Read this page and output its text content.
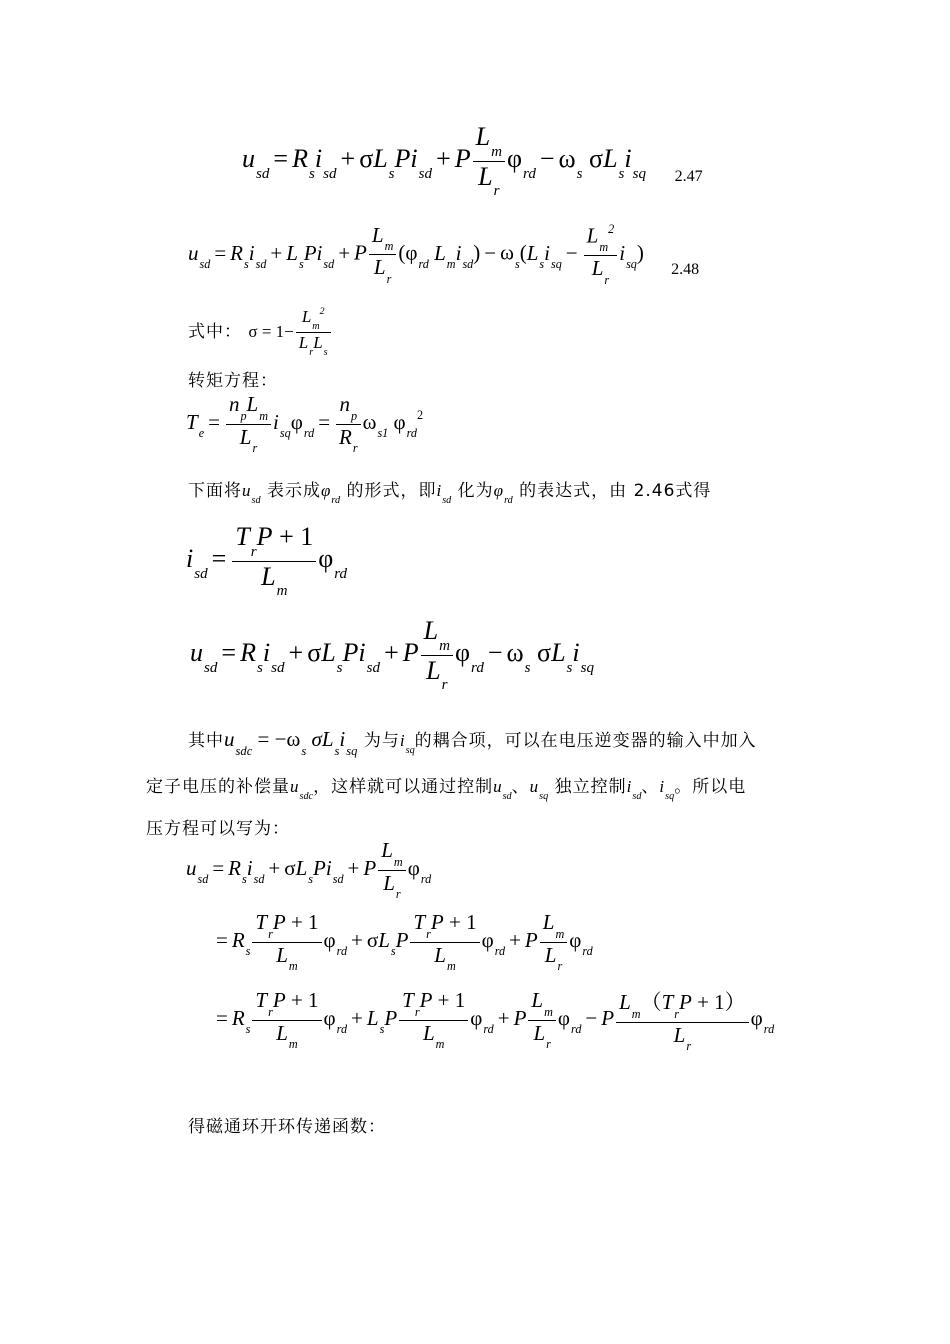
$u_{sd}= R_si_{sd}+ \sigma L_sPi_{sd}+ P \frac{L_m}{L_r} \varphi_{rd}- \omega_s$ $\sigma L_si_{sq}$ $_{2.47}$
$u_{sd} = R_si_{sd} + L_sPi_{sd} + P \frac{L_m}{L_r} (\varphi_{rd}$ $L_mi_{sd}) - \omega_s(L_si_{sq} - \frac{L_m^2}{L_r} i_{sq})$ $_{2.48}$
式中： $\sigma = 1- \frac{L_m^2}{L_rL_s}$
转矩方程：
$T_e = \frac{n_pL_m}{L_r} i_{sq}\varphi_{rd} = \frac{n_p}{R_r} \omega_{s1}$ $\varphi_{rd}^2$
下面将$u_{sd}$ 表示成$\varphi_{rd}$ 的形式，即$i_{sd}$ 化为$\varphi_{rd}$ 的表达式，由 2.46式得
$i_{sd}= \frac{T_rP + 1}{L_m} \varphi_{rd}$
$u_{sd}= R_si_{sd}+ \sigma L_sPi_{sd}+ P \frac{L_m}{L_r} \varphi_{rd}- \omega_s$ $\sigma L_si_{sq}$
其中$u_{sdc} = -\omega_s$ $\sigma L_si_{sq}$ 为与$i_{sq}$的耦合项，可以在电压逆变器的输入中加入
定子电压的补偿量$u_{sdc}$，这样就可以通过控制$u_{sd}$、$u_{sq}$ 独立控制$i_{sd}$、$i_{sq}$。所以电
压方程可以写为：
$u_{sd} = R_si_{sd} + \sigma L_sPi_{sd} + P \frac{L_m}{L_r} \varphi_{rd}$
= $R_s \frac{T_rP + 1}{L_m} \varphi_{rd} + \sigma L_sP \frac{T_rP + 1}{L_m} \varphi_{rd} + P \frac{L_m}{L_r} \varphi_{rd}$
= $R_s \frac{T_rP + 1}{L_m} \varphi_{rd} + L_sP \frac{T_rP + 1}{L_m} \varphi_{rd} + P \frac{L_m}{L_r} \varphi_{rd} - P \frac{L_m(T_rP + 1)}{L_r} \varphi_{rd}$
得磁通环开环传递函数：
